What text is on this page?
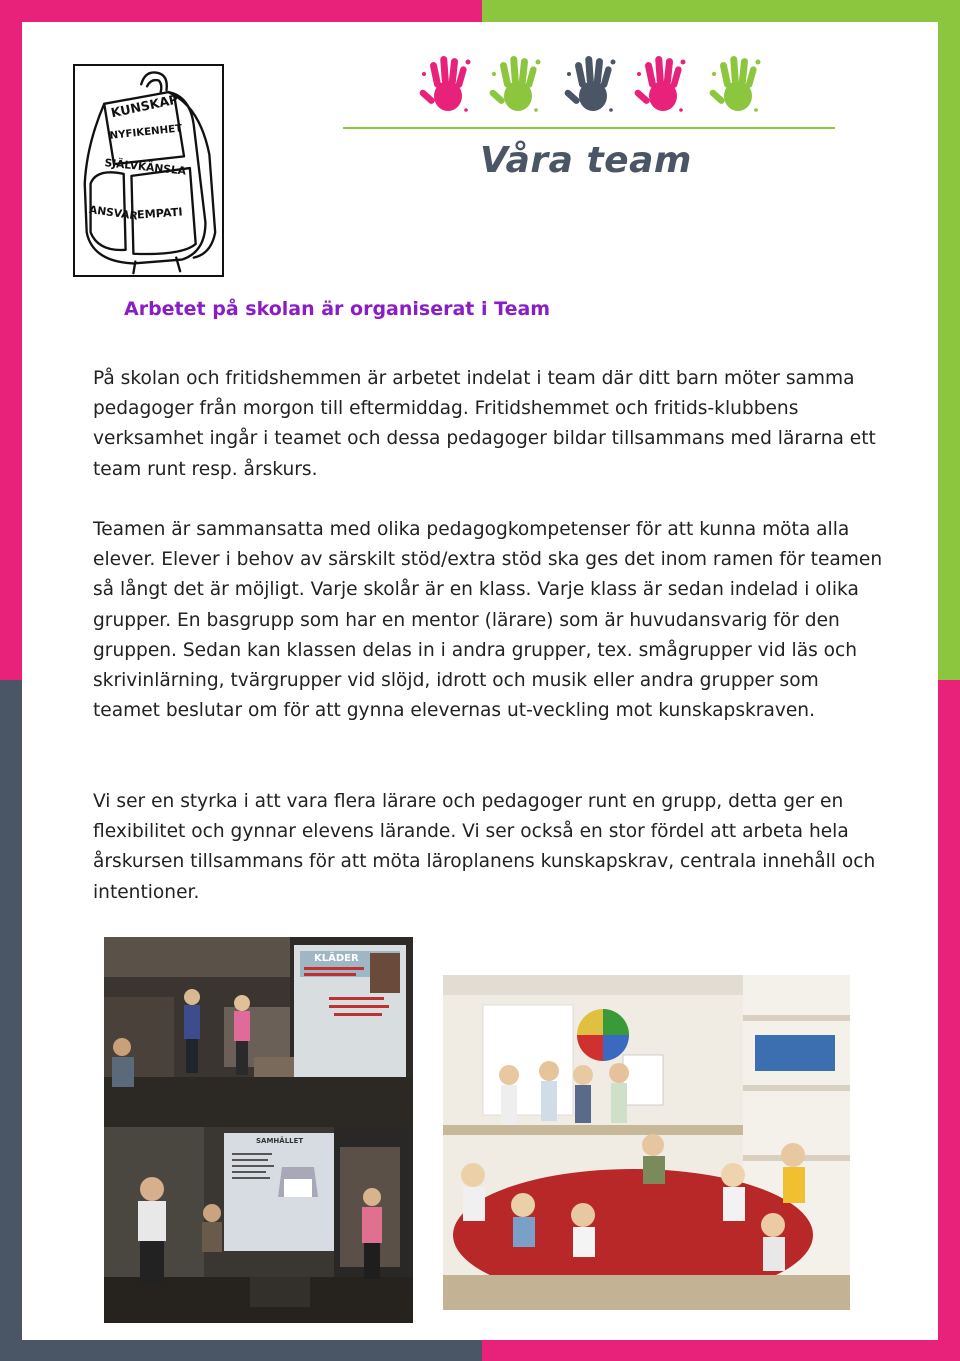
KUNSKAP
NYFIKENHET
SJÄLVKÄNSLA
ANSVAR
EMPATI
Våra team
Arbetet på skolan är organiserat i Team

På skolan och fritidshemmen är arbetet indelat i team där ditt barn möter samma pedagoger från morgon till eftermiddag. Fritidshemmet och fritids-klubbens verksamhet ingår i teamet och dessa pedagoger bildar tillsammans med lärarna ett team runt resp. årskurs.

Teamen är sammansatta med olika pedagogkompetenser för att kunna möta alla elever. Elever i behov av särskilt stöd/extra stöd ska ges det inom ramen för teamen så långt det är möjligt. Varje skolår är en klass. Varje klass är sedan indelad i olika grupper. En basgrupp som har en mentor (lärare) som är huvudansvarig för den gruppen. Sedan kan klassen delas in i andra grupper, tex. smågrupper vid läs och skrivinlärning, tvärgrupper vid slöjd, idrott och musik eller andra grupper som teamet beslutar om för att gynna elevernas ut-veckling mot kunskapskraven.

Vi ser en styrka i att vara flera lärare och pedagoger runt en grupp, detta ger en flexibilitet och gynnar elevens lärande. Vi ser också en stor fördel att arbeta hela årskursen tillsammans för att möta läroplanens kunskapskrav, centrala innehåll och intentioner.

KLÄDER
SAMHÄLLET
